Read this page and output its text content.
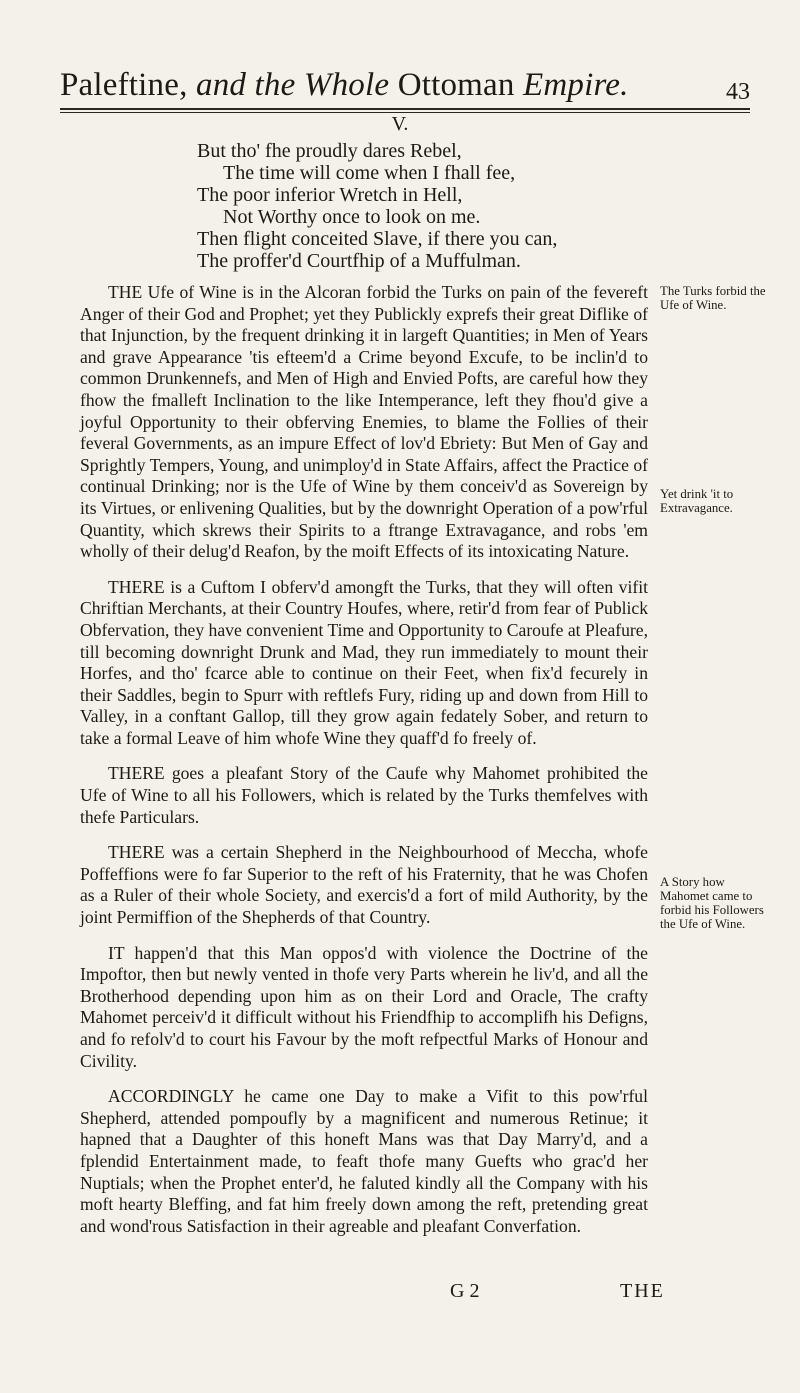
Paleftine, and the Whole Ottoman Empire.	43
V.
But tho' fhe proudly dares Rebel,
The time will come when I fhall fee,
The poor inferior Wretch in Hell,
Not Worthy once to look on me.
Then flight conceited Slave, if there you can,
The proffer'd Courtfhip of a Muffulman.

THE Ufe of Wine is in the Alcoran forbid the Turks on pain of the fevereft Anger of their God and Prophet; yet they Publickly exprefs their great Diflike of that Injunction, by the frequent drinking it in largeft Quantities; in Men of Years and grave Appearance 'tis efteem'd a Crime beyond Excufe, to be inclin'd to common Drunkennefs, and Men of High and Envied Pofts, are careful how they fhow the fmalleft Inclination to the like Intemperance, left they fhou'd give a joyful Opportunity to their obferving Enemies, to blame the Follies of their feveral Governments, as an impure Effect of lov'd Ebriety: But Men of Gay and Sprightly Tempers, Young, and unimploy'd in State Affairs, affect the Practice of continual Drinking; nor is the Ufe of Wine by them conceiv'd as Sovereign by its Virtues, or enlivening Qualities, but by the downright Operation of a pow'rful Quantity, which skrews their Spirits to a ftrange Extravagance, and robs 'em wholly of their delug'd Reafon, by the moift Effects of its intoxicating Nature.

THERE is a Cuftom I obferv'd amongft the Turks, that they will often vifit Chriftian Merchants, at their Country Houfes, where, retir'd from fear of Publick Obfervation, they have convenient Time and Opportunity to Caroufe at Pleafure, till becoming downright Drunk and Mad, they run immediately to mount their Horfes, and tho' fcarce able to continue on their Feet, when fix'd fecurely in their Saddles, begin to Spurr with reftlefs Fury, riding up and down from Hill to Valley, in a conftant Gallop, till they grow again fedately Sober, and return to take a formal Leave of him whofe Wine they quaff'd fo freely of.

THERE goes a pleafant Story of the Caufe why Mahomet prohibited the Ufe of Wine to all his Followers, which is related by the Turks themfelves with thefe Particulars.

THERE was a certain Shepherd in the Neighbourhood of Meccha, whofe Poffeffions were fo far Superior to the reft of his Fraternity, that he was Chofen as a Ruler of their whole Society, and exercis'd a fort of mild Authority, by the joint Permiffion of the Shepherds of that Country.

IT happen'd that this Man oppos'd with violence the Doctrine of the Impoftor, then but newly vented in thofe very Parts wherein he liv'd, and all the Brotherhood depending upon him as on their Lord and Oracle, The crafty Mahomet perceiv'd it difficult without his Friendfhip to accomplifh his Defigns, and fo refolv'd to court his Favour by the moft refpectful Marks of Honour and Civility.

ACCORDINGLY he came one Day to make a Vifit to this pow'rful Shepherd, attended pompoufly by a magnificent and numerous Retinue; it hapned that a Daughter of this honeft Mans was that Day Marry'd, and a fplendid Entertainment made, to feaft thofe many Guefts who grac'd her Nuptials; when the Prophet enter'd, he faluted kindly all the Company with his moft hearty Bleffing, and fat him freely down among the reft, pretending great and wond'rous Satisfaction in their agreable and pleafant Converfation.

The Turks forbid the Ufe of Wine.
Yet drink 'it to Extravagance.
A Story how Mahomet came to forbid his Followers the Ufe of Wine.
G 2	THE
